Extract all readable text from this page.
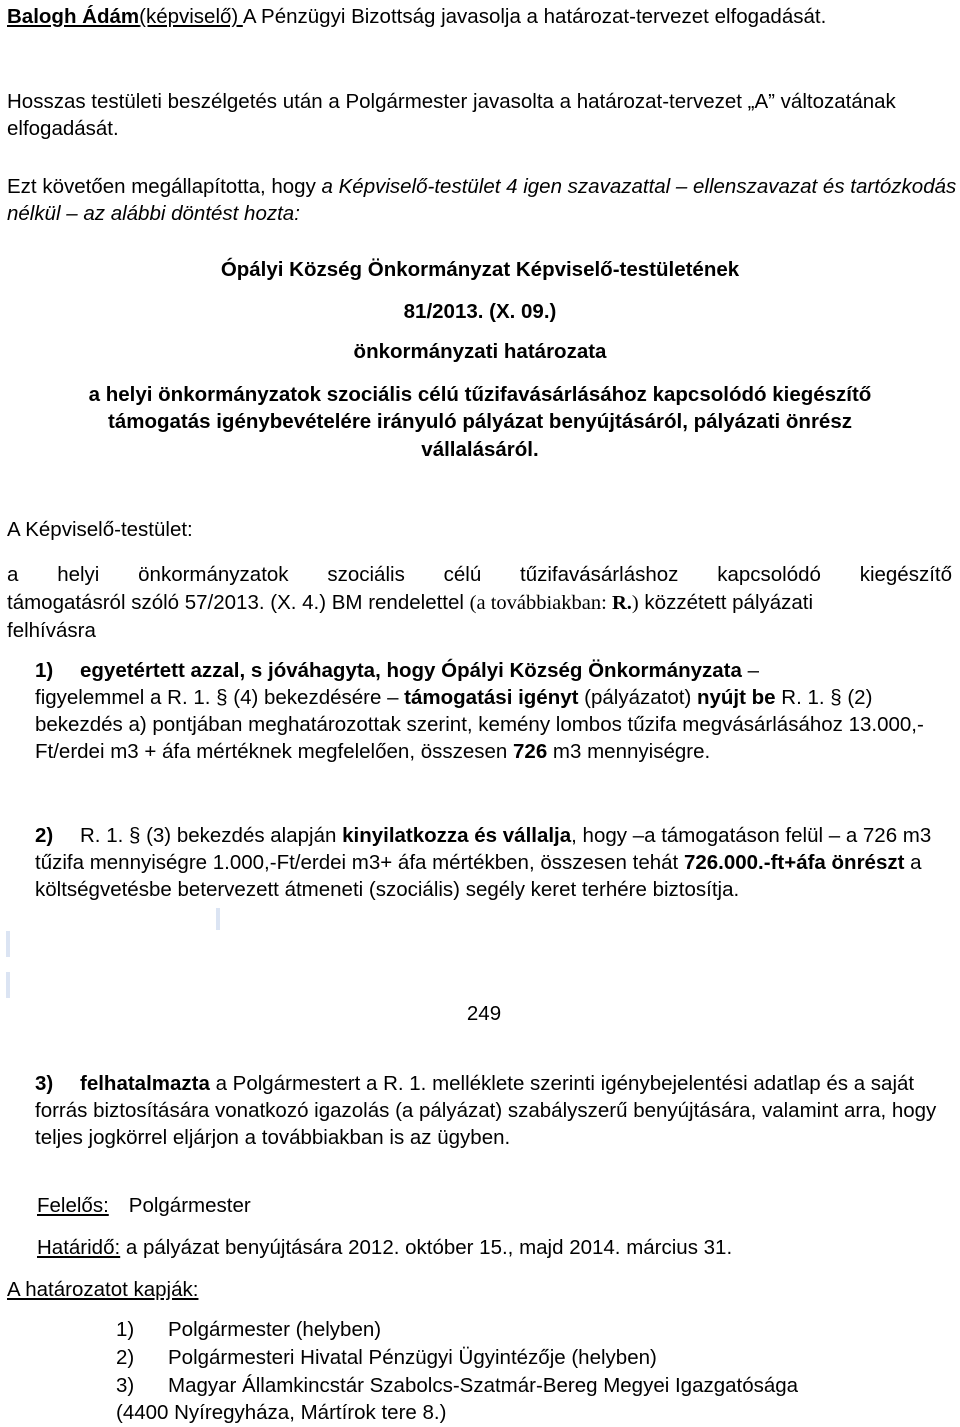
Balogh Ádám(képviselő) A Pénzügyi Bizottság javasolja a határozat-tervezet elfogadását.

Hosszas testületi beszélgetés után a Polgármester javasolta a határozat-tervezet „A” változatának elfogadását.

Ezt követően megállapította, hogy a Képviselő-testület 4 igen szavazattal – ellenszavazat és tartózkodás nélkül – az alábbi döntést hozta:

Ópályi Község Önkormányzat Képviselő-testületének
81/2013. (X. 09.)
önkormányzati határozata
a helyi önkormányzatok szociális célú tűzifavásárlásához kapcsolódó kiegészítő
támogatás igénybevételére irányuló pályázat benyújtásáról, pályázati önrész
vállalásáról.
A Képviselő-testület:
a helyi önkormányzatok szociális célú tűzifavásárláshoz kapcsolódó kiegészítő
támogatásról szóló 57/2013. (X. 4.) BM rendelettel (a továbbiakban: R.) közzétett pályázati
felhívásra
1) egyetértett azzal, s jóváhagyta, hogy Ópályi Község Önkormányzata –
figyelemmel a R. 1. § (4) bekezdésére – támogatási igényt (pályázatot) nyújt be R. 1. § (2) bekezdés a) pontjában meghatározottak szerint, kemény lombos tűzifa megvásárlásához 13.000,- Ft/erdei m3 + áfa mértéknek megfelelően, összesen 726 m3 mennyiségre.
2) R. 1. § (3) bekezdés alapján kinyilatkozza és vállalja, hogy –a támogatáson felül – a 726 m3 tűzifa mennyiségre 1.000,-Ft/erdei m3+ áfa mértékben, összesen tehát 726.000.-ft+áfa önrészt a költségvetésbe betervezett átmeneti (szociális) segély keret terhére biztosítja.
249
3) felhatalmazta a Polgármestert a R. 1. melléklete szerinti igénybejelentési adatlap és a saját forrás biztosítására vonatkozó igazolás (a pályázat) szabályszerű benyújtására, valamint arra, hogy teljes jogkörrel eljárjon a továbbiakban is az ügyben.
Felelős: Polgármester
Határidő: a pályázat benyújtására 2012. október 15., majd 2014. március 31.
A határozatot kapják:
1) Polgármester (helyben)
2) Polgármesteri Hivatal Pénzügyi Ügyintézője (helyben)
3) Magyar Államkincstár Szabolcs-Szatmár-Bereg Megyei Igazgatósága
(4400 Nyíregyháza, Mártírok tere 8.)
